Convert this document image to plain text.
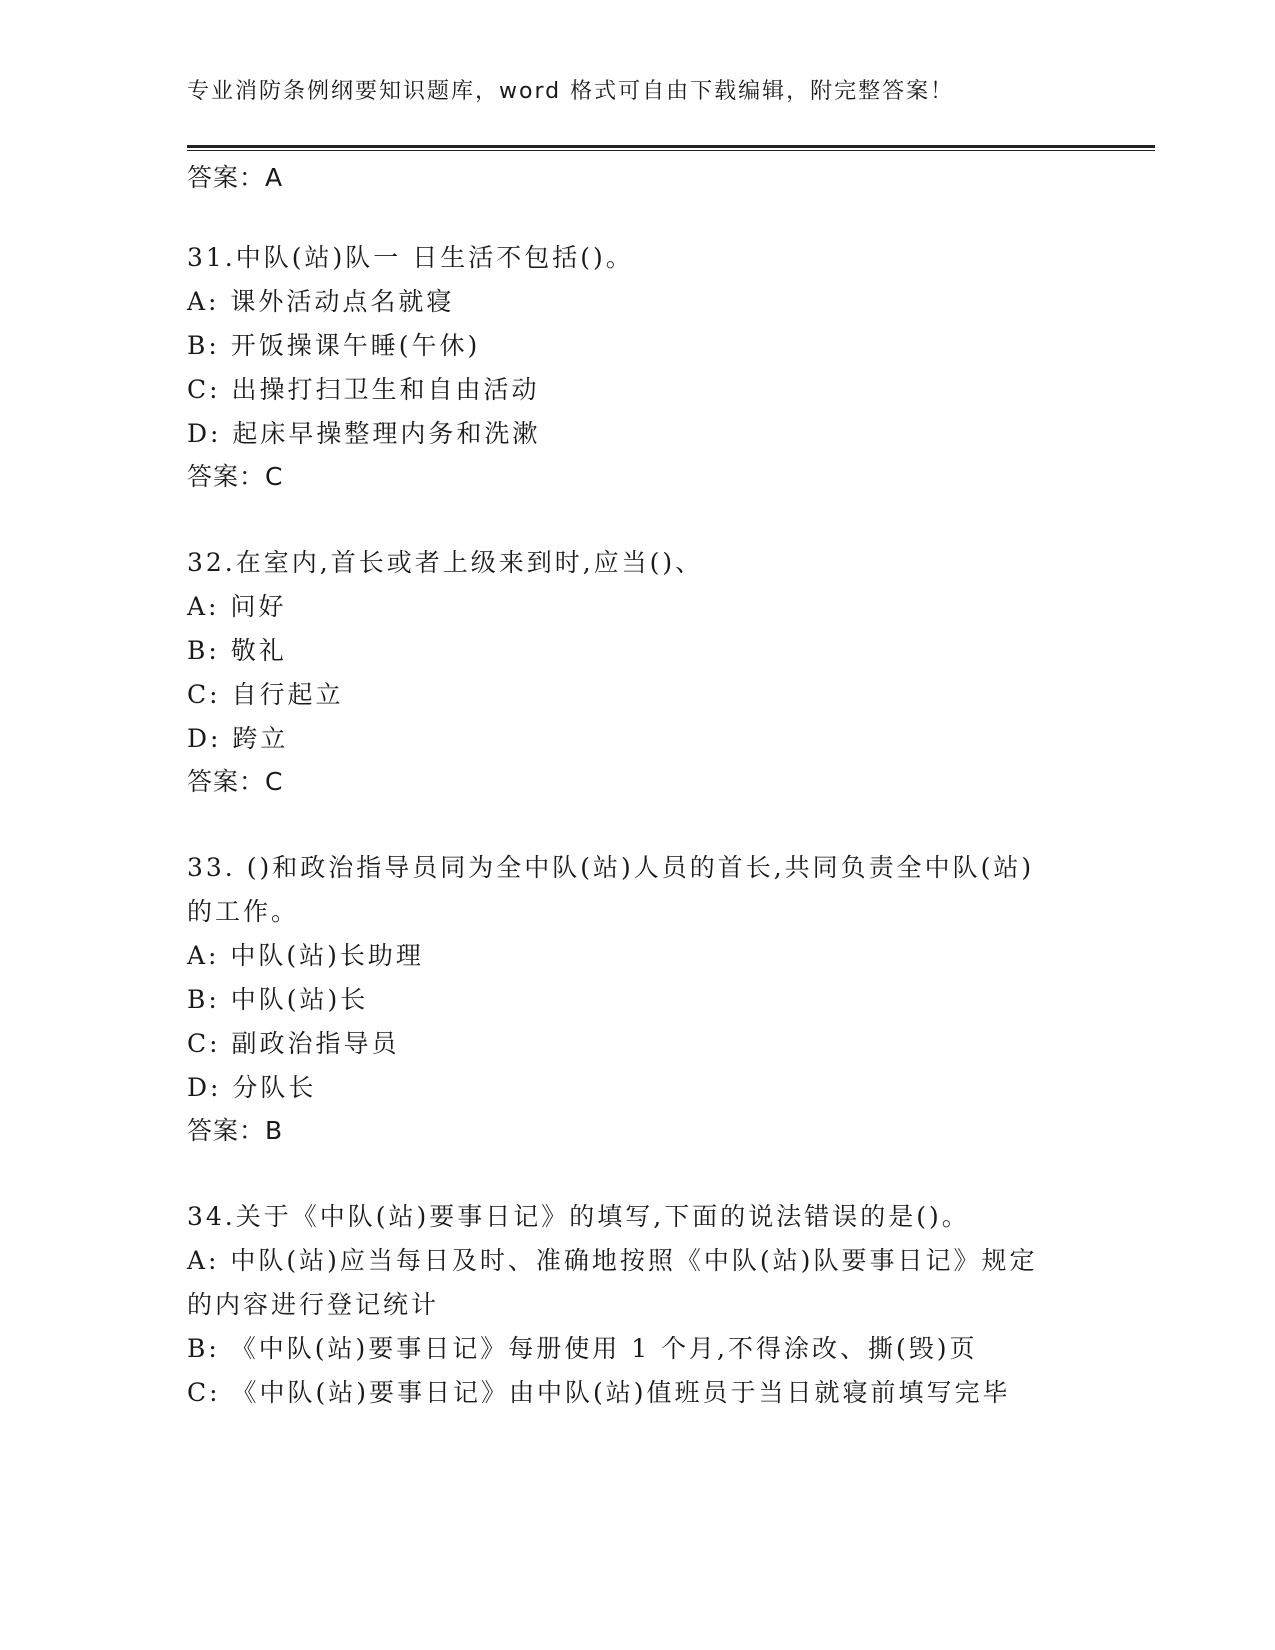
专业消防条例纲要知识题库，word 格式可自由下载编辑，附完整答案！
答案：A
31.中队(站)队一 日生活不包括()。
A: 课外活动点名就寝
B: 开饭操课午睡(午休)
C: 出操打扫卫生和自由活动
D: 起床早操整理内务和洗漱
答案：C
32.在室内,首长或者上级来到时,应当()、
A: 问好
B: 敬礼
C: 自行起立
D: 跨立
答案：C
33. ()和政治指导员同为全中队(站)人员的首长,共同负责全中队(站)
的工作。
A: 中队(站)长助理
B: 中队(站)长
C: 副政治指导员
D: 分队长
答案：B
34.关于《中队(站)要事日记》的填写,下面的说法错误的是()。
A: 中队(站)应当每日及时、准确地按照《中队(站)队要事日记》规定
的内容进行登记统计
B: 《中队(站)要事日记》每册使用 1 个月,不得涂改、撕(毁)页
C: 《中队(站)要事日记》由中队(站)值班员于当日就寝前填写完毕
